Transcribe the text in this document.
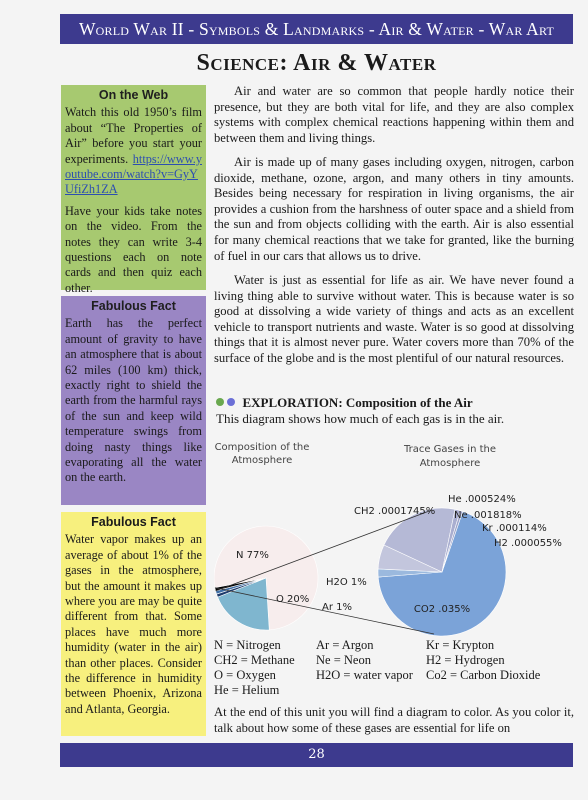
World War II - Symbols & Landmarks - Air & Water - War Art
Science: Air & Water
On the Web

Watch this old 1950’s film about “The Properties of Air” before you start your experiments. https://www.youtube.com/watch?v=GyYUfiZh1ZA

Have your kids take notes on the video. From the notes they can write 3-4 questions each on note cards and then quiz each other.

Fabulous Fact

Earth has the perfect amount of gravity to have an atmosphere that is about 62 miles (100 km) thick, exactly right to shield the earth from the harmful rays of the sun and keep wild temperature swings from doing nasty things like evaporating all the water on the earth.

Fabulous Fact

Water vapor makes up an average of about 1% of the gases in the atmosphere, but the amount it makes up where you are may be quite different from that. Some places have much more humidity (water in the air) than other places. Consider the difference in humidity between Phoenix, Arizona and Atlanta, Georgia.

Air and water are so common that people hardly notice their presence, but they are both vital for life, and they are also complex systems with complex chemical reactions happening within them and between them and living things.

Air is made up of many gases including oxygen, nitrogen, carbon dioxide, methane, ozone, argon, and many others in tiny amounts. Besides being necessary for respiration in living organisms, the air provides a cushion from the harshness of outer space and a shield from the sun and from objects colliding with the earth. Air is also essential for many chemical reactions that we take for granted, like the burning of fuel in our cars that allows us to drive.

Water is just as essential for life as air. We have never found a living thing able to survive without water. This is because water is so good at dissolving a wide variety of things and acts as an excellent vehicle to transport nutrients and waste. Water is so good at dissolving things that it is almost never pure. Water covers more than 70% of the surface of the globe and is the most plentiful of our natural resources.

EXPLORATION: Composition of the Air
This diagram shows how much of each gas is in the air.
Composition of the
Atmosphere
Trace Gases in the
Atmosphere
N 77%
O 20%
Ar 1%
H2O 1%
CO2 .035%
CH2 .0001745%
He .000524%
Ne .001818%
Kr .000114%
H2 .000055%
N = Nitrogen	Ar = Argon	Kr = Krypton
CH2 = Methane	Ne = Neon	H2 = Hydrogen
O = Oxygen	H2O = water vapor	Co2 = Carbon Dioxide
He = Helium
At the end of this unit you will find a diagram to color. As you color it, talk about how some of these gases are essential for life on
28
